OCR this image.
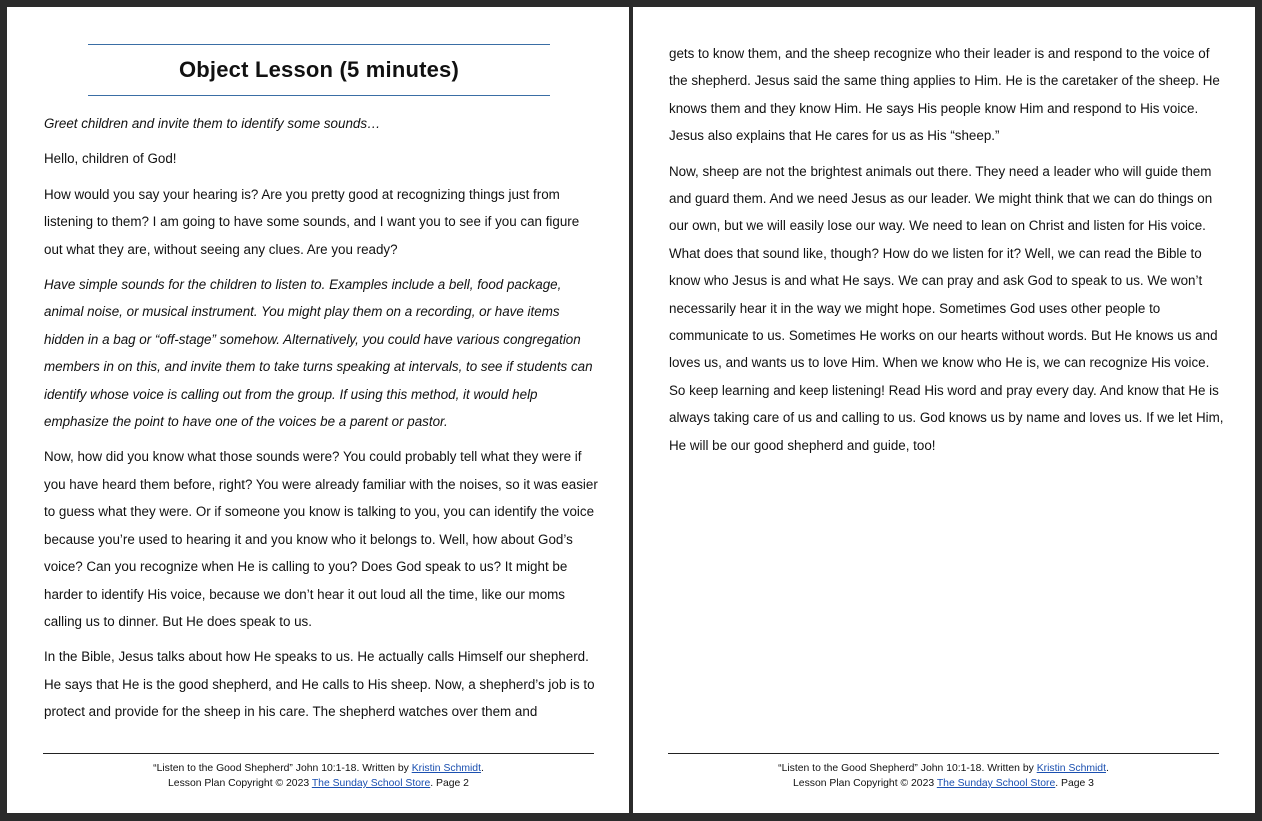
Object Lesson (5 minutes)

Greet children and invite them to identify some sounds…

Hello, children of God!

How would you say your hearing is? Are you pretty good at recognizing things just from listening to them? I am going to have some sounds, and I want you to see if you can figure out what they are, without seeing any clues. Are you ready?

Have simple sounds for the children to listen to. Examples include a bell, food package, animal noise, or musical instrument. You might play them on a recording, or have items hidden in a bag or “off-stage” somehow. Alternatively, you could have various congregation members in on this, and invite them to take turns speaking at intervals, to see if students can identify whose voice is calling out from the group. If using this method, it would help emphasize the point to have one of the voices be a parent or pastor.

Now, how did you know what those sounds were? You could probably tell what they were if you have heard them before, right? You were already familiar with the noises, so it was easier to guess what they were. Or if someone you know is talking to you, you can identify the voice because you’re used to hearing it and you know who it belongs to. Well, how about God’s voice? Can you recognize when He is calling to you? Does God speak to us? It might be harder to identify His voice, because we don’t hear it out loud all the time, like our moms calling us to dinner. But He does speak to us.

In the Bible, Jesus talks about how He speaks to us. He actually calls Himself our shepherd. He says that He is the good shepherd, and He calls to His sheep. Now, a shepherd’s job is to protect and provide for the sheep in his care. The shepherd watches over them and

“Listen to the Good Shepherd” John 10:1-18. Written by Kristin Schmidt.
Lesson Plan Copyright © 2023 The Sunday School Store. Page 2

gets to know them, and the sheep recognize who their leader is and respond to the voice of the shepherd. Jesus said the same thing applies to Him. He is the caretaker of the sheep. He knows them and they know Him. He says His people know Him and respond to His voice. Jesus also explains that He cares for us as His “sheep.”

Now, sheep are not the brightest animals out there. They need a leader who will guide them and guard them. And we need Jesus as our leader. We might think that we can do things on our own, but we will easily lose our way. We need to lean on Christ and listen for His voice. What does that sound like, though? How do we listen for it? Well, we can read the Bible to know who Jesus is and what He says. We can pray and ask God to speak to us. We won’t necessarily hear it in the way we might hope. Sometimes God uses other people to communicate to us. Sometimes He works on our hearts without words. But He knows us and loves us, and wants us to love Him. When we know who He is, we can recognize His voice. So keep learning and keep listening! Read His word and pray every day. And know that He is always taking care of us and calling to us. God knows us by name and loves us. If we let Him, He will be our good shepherd and guide, too!

“Listen to the Good Shepherd” John 10:1-18. Written by Kristin Schmidt.
Lesson Plan Copyright © 2023 The Sunday School Store. Page 3
